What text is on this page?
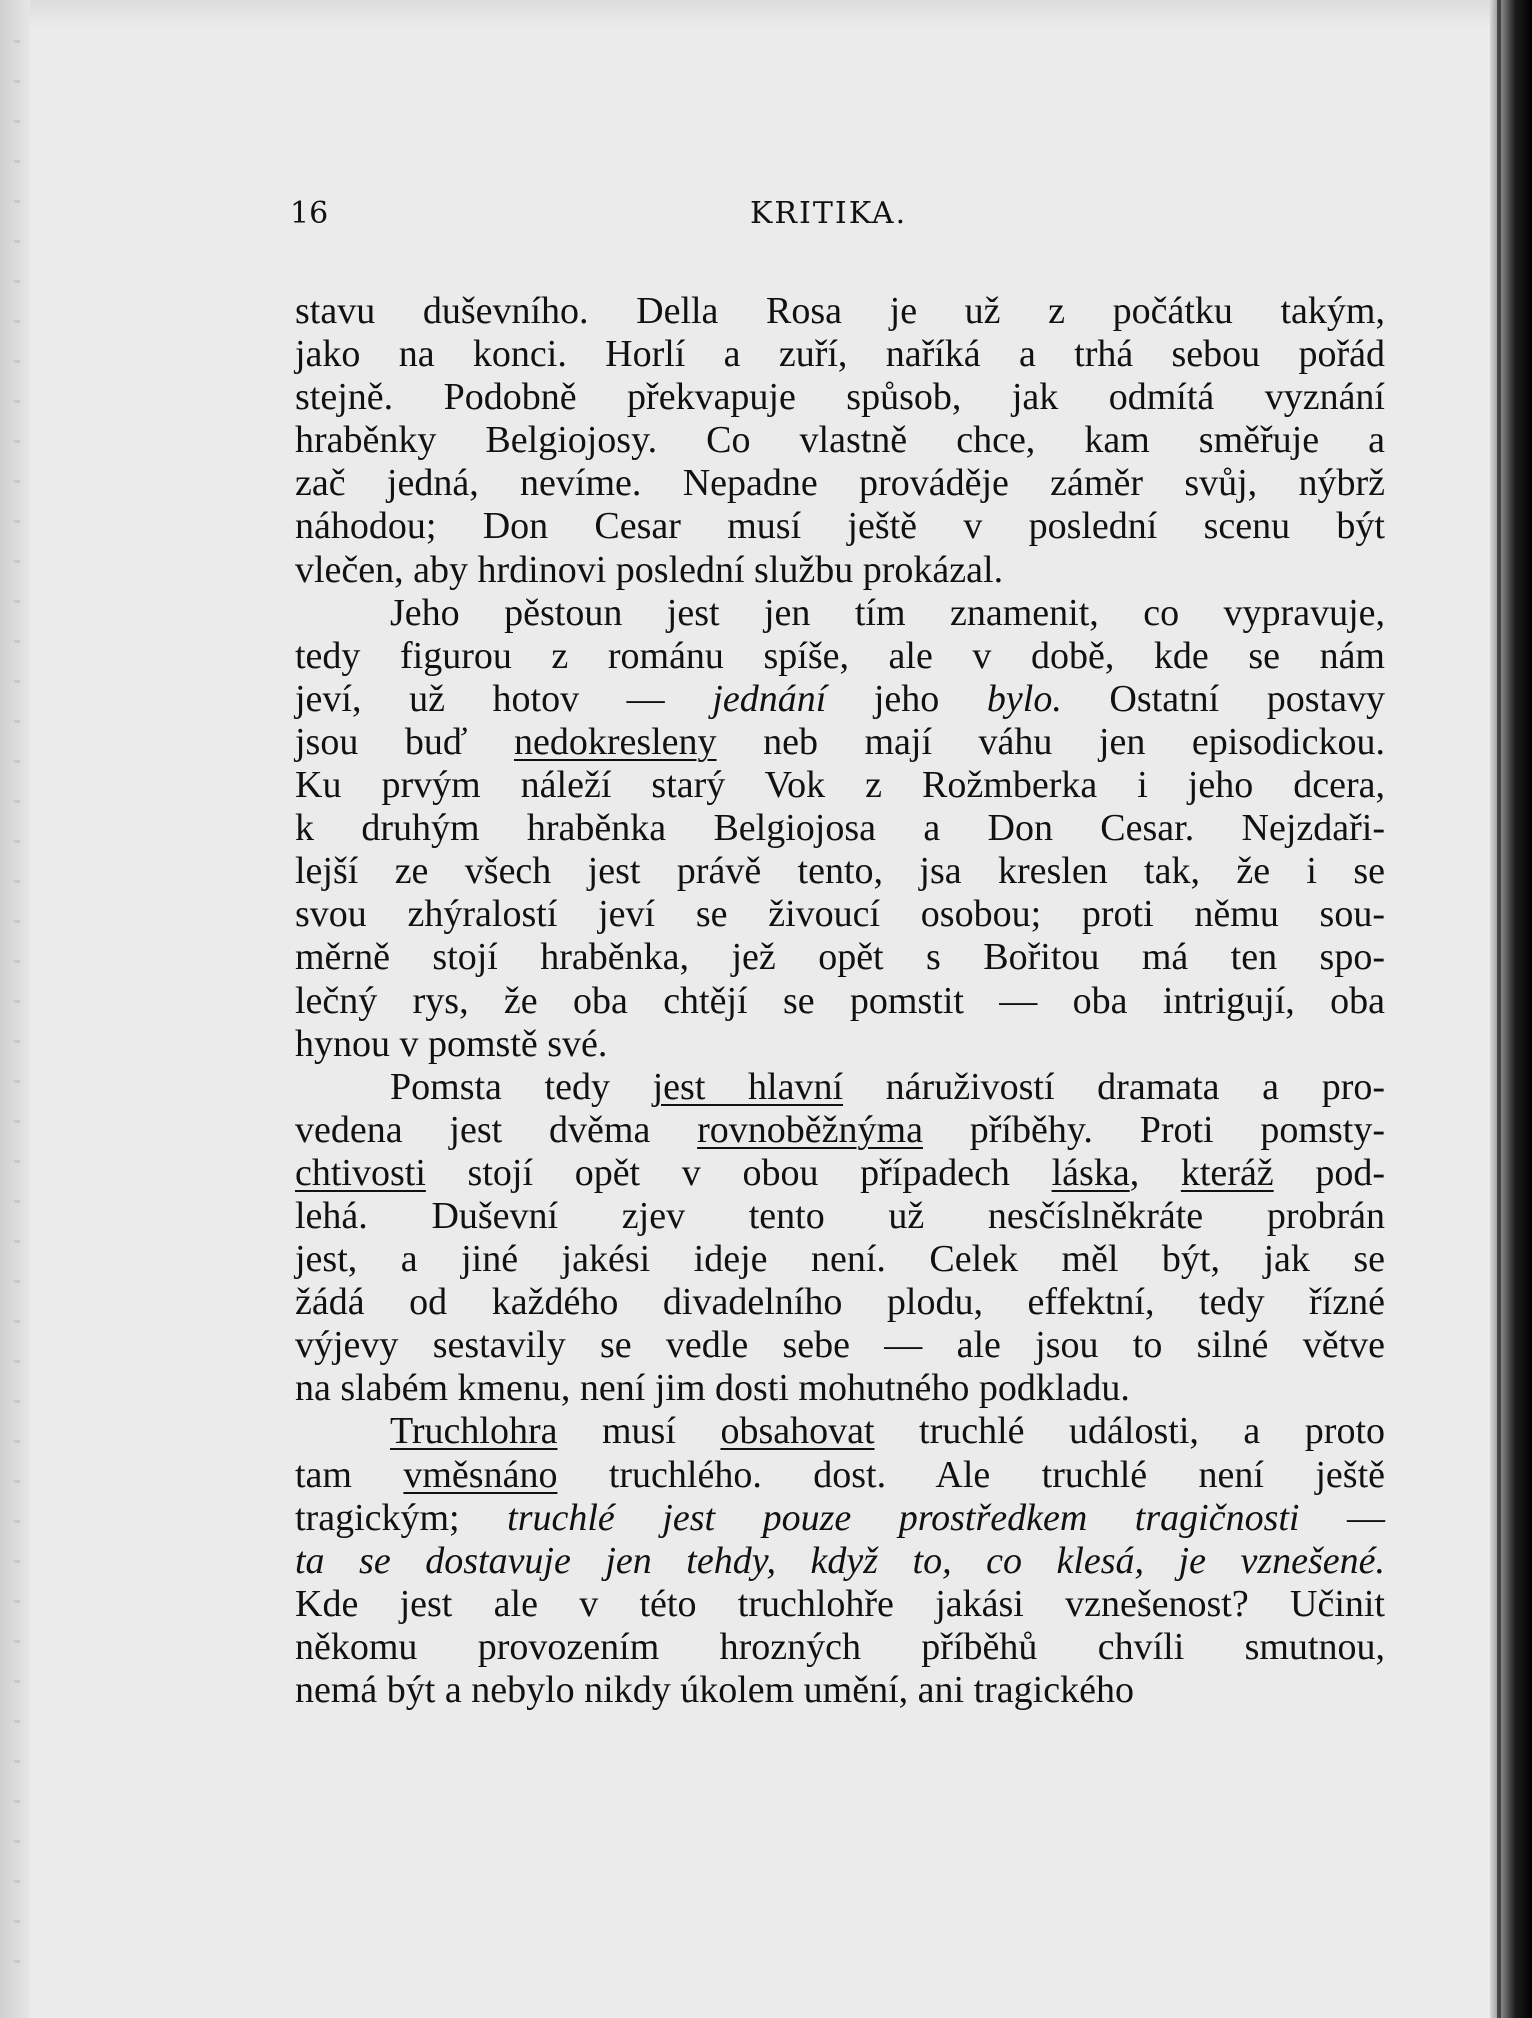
16	KRITIKA.
stavu duševního. Della Rosa je už z počátku takým,
jako na konci. Horlí a zuří, naříká a trhá sebou pořád
stejně. Podobně překvapuje spůsob, jak odmítá vyznání
hraběnky Belgiojosy. Co vlastně chce, kam směřuje a
zač jedná, nevíme. Nepadne prováděje záměr svůj, nýbrž
náhodou; Don Cesar musí ještě v poslední scenu být
vlečen, aby hrdinovi poslední službu prokázal.
Jeho pěstoun jest jen tím znamenit, co vypravuje,
tedy figurou z románu spíše, ale v době, kde se nám
jeví, už hotov — jednání jeho bylo. Ostatní postavy
jsou buď nedokresleny neb mají váhu jen episodickou.
Ku prvým náleží starý Vok z Rožmberka i jeho dcera,
k druhým hraběnka Belgiojosa a Don Cesar. Nejzdaři-
lejší ze všech jest právě tento, jsa kreslen tak, že i se
svou zhýralostí jeví se živoucí osobou; proti němu sou-
měrně stojí hraběnka, jež opět s Bořitou má ten spo-
lečný rys, že oba chtějí se pomstit — oba intrigují, oba
hynou v pomstě své.
Pomsta tedy jest hlavní náruživostí dramata a pro-
vedena jest dvěma rovnoběžnýma příběhy. Proti pomsty-
chtivosti stojí opět v obou případech láska, kteráž pod-
lehá. Duševní zjev tento už nesčíslněkráte probrán
jest, a jiné jakési ideje není. Celek měl být, jak se
žádá od každého divadelního plodu, effektní, tedy řízné
výjevy sestavily se vedle sebe — ale jsou to silné větve
na slabém kmenu, není jim dosti mohutného podkladu.
Truchlohra musí obsahovat truchlé události, a proto
tam vměsnáno truchlého. dost. Ale truchlé není ještě
tragickým; truchlé jest pouze prostředkem tragičnosti —
ta se dostavuje jen tehdy, když to, co klesá, je vznešené.
Kde jest ale v této truchlohře jakási vznešenost? Učinit
někomu provozením hrozných příběhů chvíli smutnou,
nemá být a nebylo nikdy úkolem umění, ani tragického
